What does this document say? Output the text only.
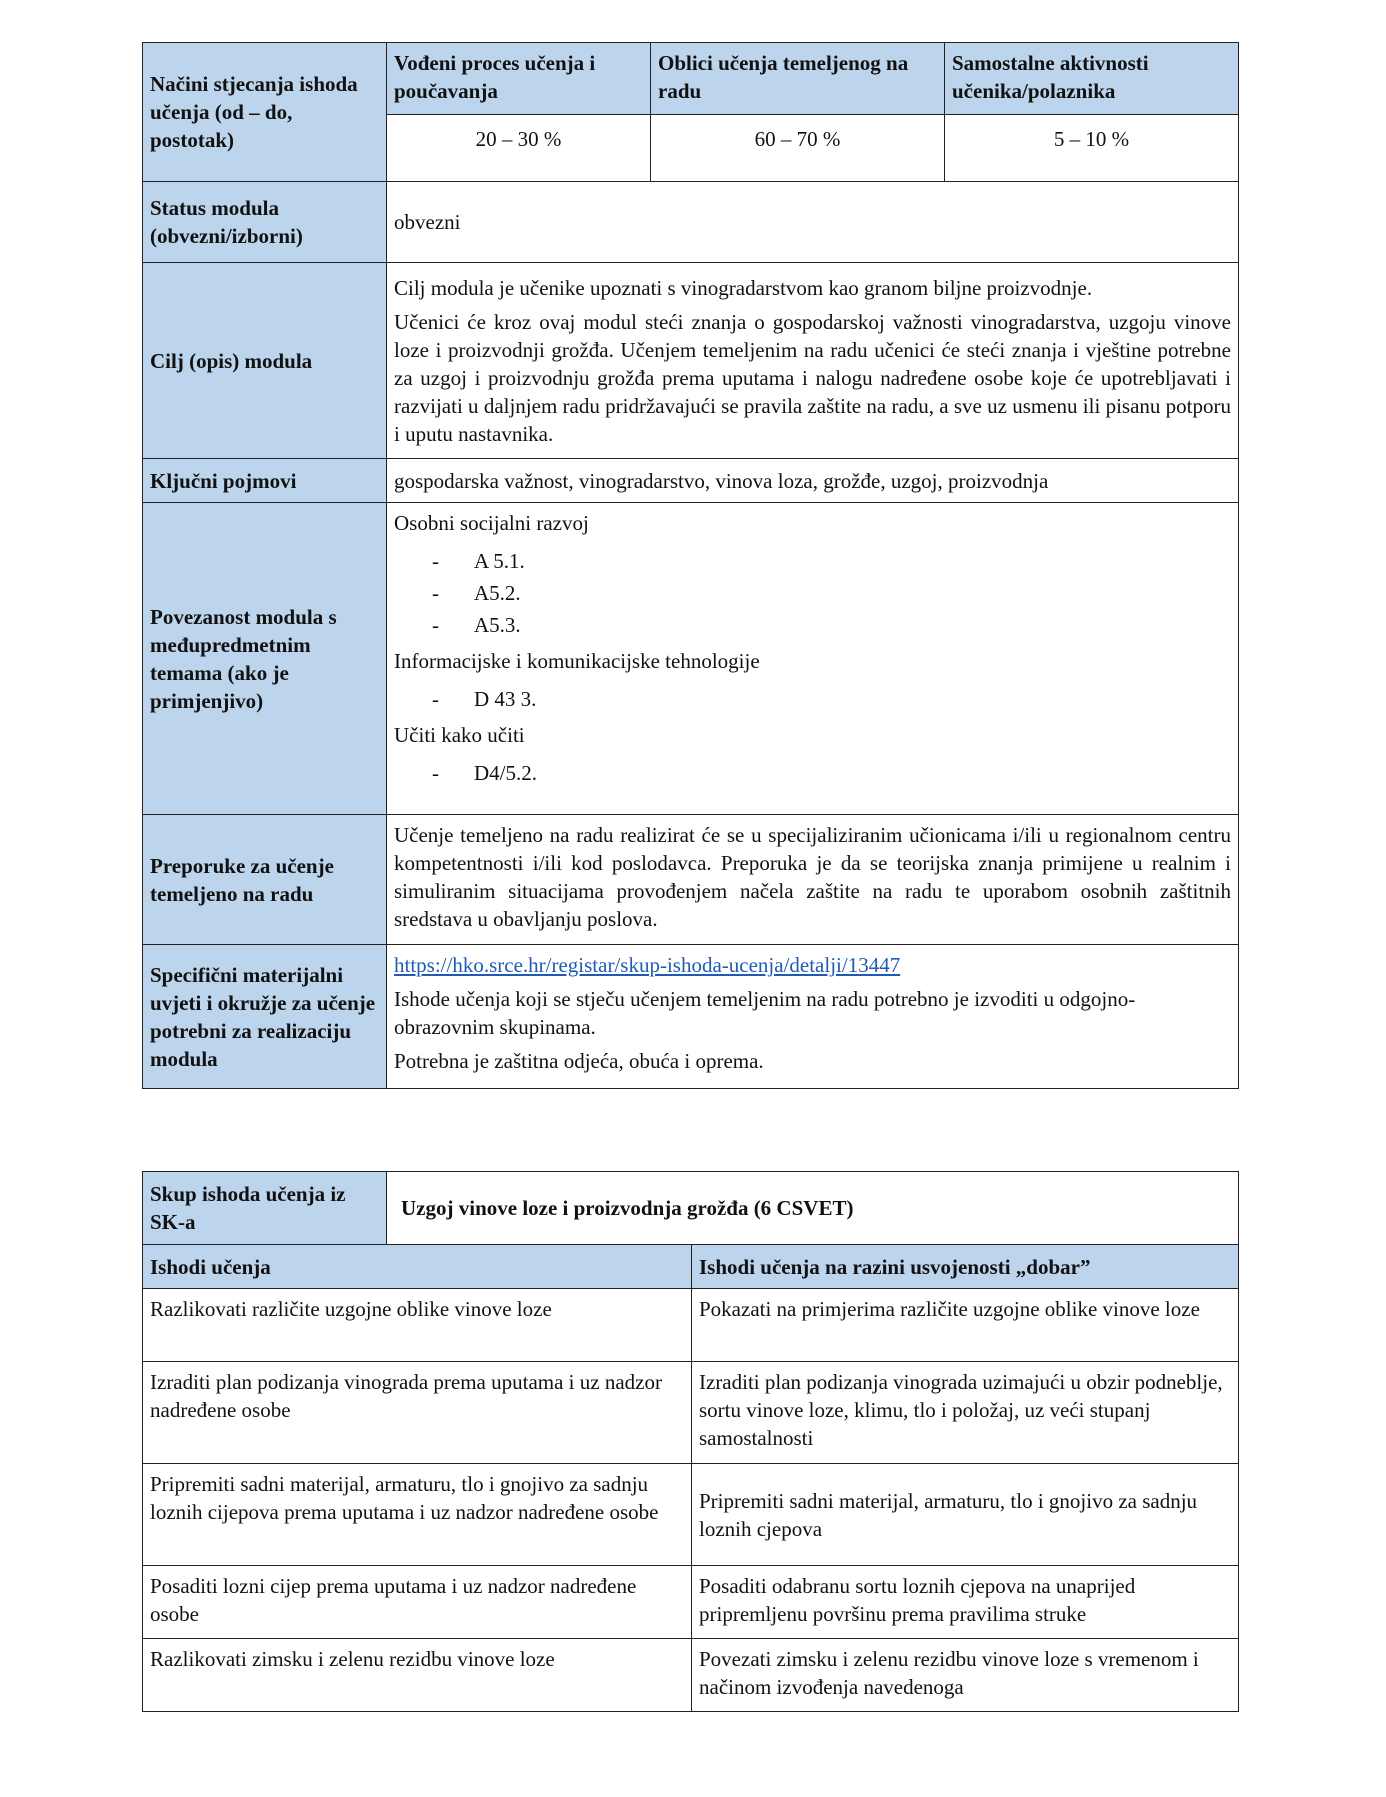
Načini stjecanja ishoda učenja (od – do, postotak)	Vođeni proces učenja i poučavanja	Oblici učenja temeljenog na radu	Samostalne aktivnosti učenika/polaznika
	20 – 30 %	60 – 70 %	5 – 10 %
Status modula (obvezni/izborni)	obvezni		
Cilj (opis) modula	Cilj modula je učenike upoznati s vinogradarstvom kao granom biljne proizvodnje.

Učenici će kroz ovaj modul steći znanja o gospodarskoj važnosti vinogradarstva, uzgoju vinove loze i proizvodnji grožđa. Učenjem temeljenim na radu učenici će steći znanja i vještine potrebne za uzgoj i proizvodnju grožđa prema uputama i nalogu nadređene osobe koje će upotrebljavati i razvijati u daljnjem radu pridržavajući se pravila zaštite na radu, a sve uz usmenu ili pisanu potporu i uputu nastavnika.		

Ključni pojmovi	gospodarska važnost, vinogradarstvo, vinova loza, grožđe, uzgoj, proizvodnja		
Povezanost modula s međupredmetnim temama (ako je primjenjivo)	
Osobni socijalni razvoj
-	A 5.1.
-	A5.2.
-	A5.3.
Informacijske i komunikacijske tehnologije
-	D 43 3.
Učiti kako učiti
-	D4/5.2.

Preporuke za učenje temeljeno na radu	Učenje temeljeno na radu realizirat će se u specijaliziranim učionicama i/ili u regionalnom centru kompetentnosti i/ili kod poslodavca. Preporuka je da se teorijska znanja primijene u realnim i simuliranim situacijama provođenjem načela zaštite na radu te uporabom osobnih zaštitnih sredstava u obavljanju poslova.		
Specifični materijalni uvjeti i okružje za učenje potrebni za realizaciju modula	https://hko.srce.hr/registar/skup-ishoda-ucenja/detalji/13447

Ishode učenja koji se stječu učenjem temeljenim na radu potrebno je izvoditi u odgojno-obrazovnim skupinama.

Potrebna je zaštitna odjeća, obuća i oprema.		

Skup ishoda učenja iz SK-a	Uzgoj vinove loze i proizvodnja grožđa (6 CSVET)	
Ishodi učenja		Ishodi učenja na razini usvojenosti „dobar”
Razlikovati različite uzgojne oblike vinove loze		Pokazati na primjerima različite uzgojne oblike vinove loze
Izraditi plan podizanja vinograda prema uputama i uz nadzor nadređene osobe		Izraditi plan podizanja vinograda uzimajući u obzir podneblje, sortu vinove loze, klimu, tlo i položaj, uz veći stupanj samostalnosti
Pripremiti sadni materijal, armaturu, tlo i gnojivo za sadnju loznih cijepova prema uputama i uz nadzor nadređene osobe		Pripremiti sadni materijal, armaturu, tlo i gnojivo za sadnju loznih cjepova
Posaditi lozni cijep prema uputama i uz nadzor nadređene osobe		Posaditi odabranu sortu loznih cjepova na unaprijed pripremljenu površinu prema pravilima struke
Razlikovati zimsku i zelenu rezidbu vinove loze		Povezati zimsku i zelenu rezidbu vinove loze s vremenom i načinom izvođenja navedenoga
